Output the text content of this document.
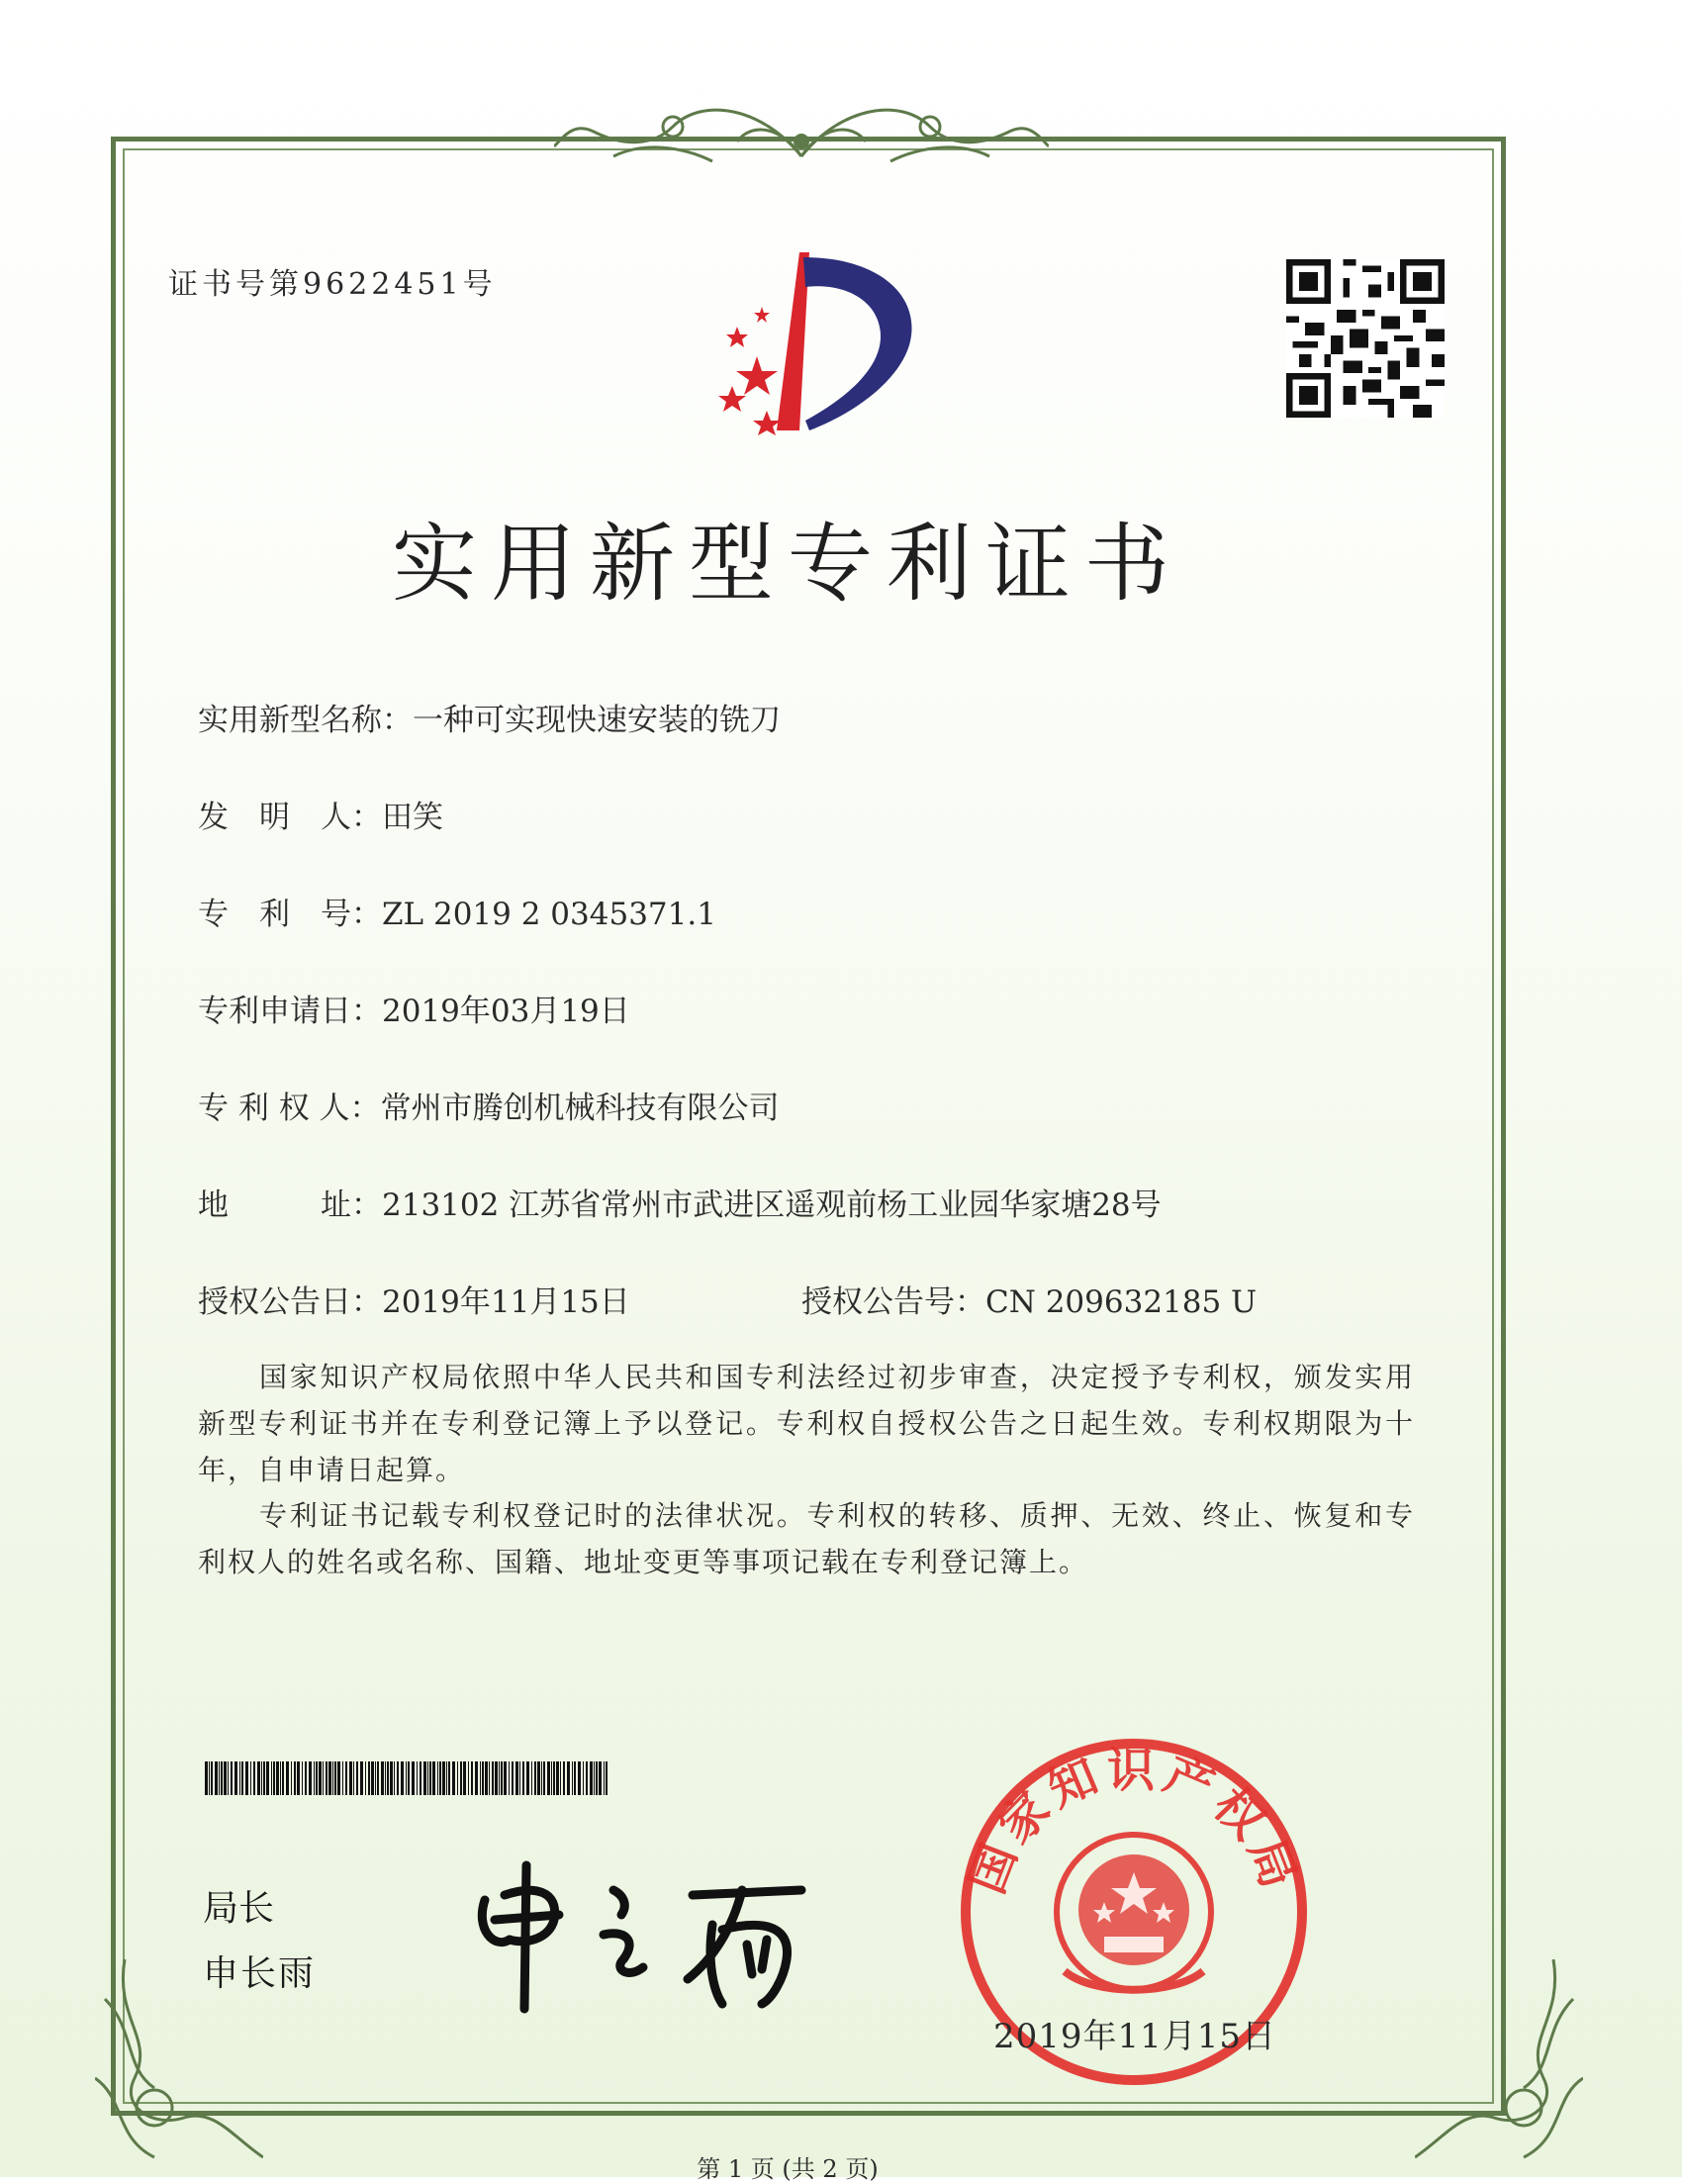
证书号第9622451号
实用新型专利证书
实用新型名称：一种可实现快速安装的铣刀
发　明　人：田笑
专　利　号：ZL 2019 2 0345371.1
专利申请日：2019年03月19日
专 利 权 人：常州市腾创机械科技有限公司
地　　　址：213102 江苏省常州市武进区遥观前杨工业园华家塘28号
授权公告日：2019年11月15日	授权公告号：CN 209632185 U
国家知识产权局依照中华人民共和国专利法经过初步审查，决定授予专利权，颁发实用新型专利证书并在专利登记簿上予以登记。专利权自授权公告之日起生效。专利权期限为十年，自申请日起算。
专利证书记载专利权登记时的法律状况。专利权的转移、质押、无效、终止、恢复和专利权人的姓名或名称、国籍、地址变更等事项记载在专利登记簿上。
局长
申长雨
国家知识产权局
2019年11月15日
第 1 页 (共 2 页)
